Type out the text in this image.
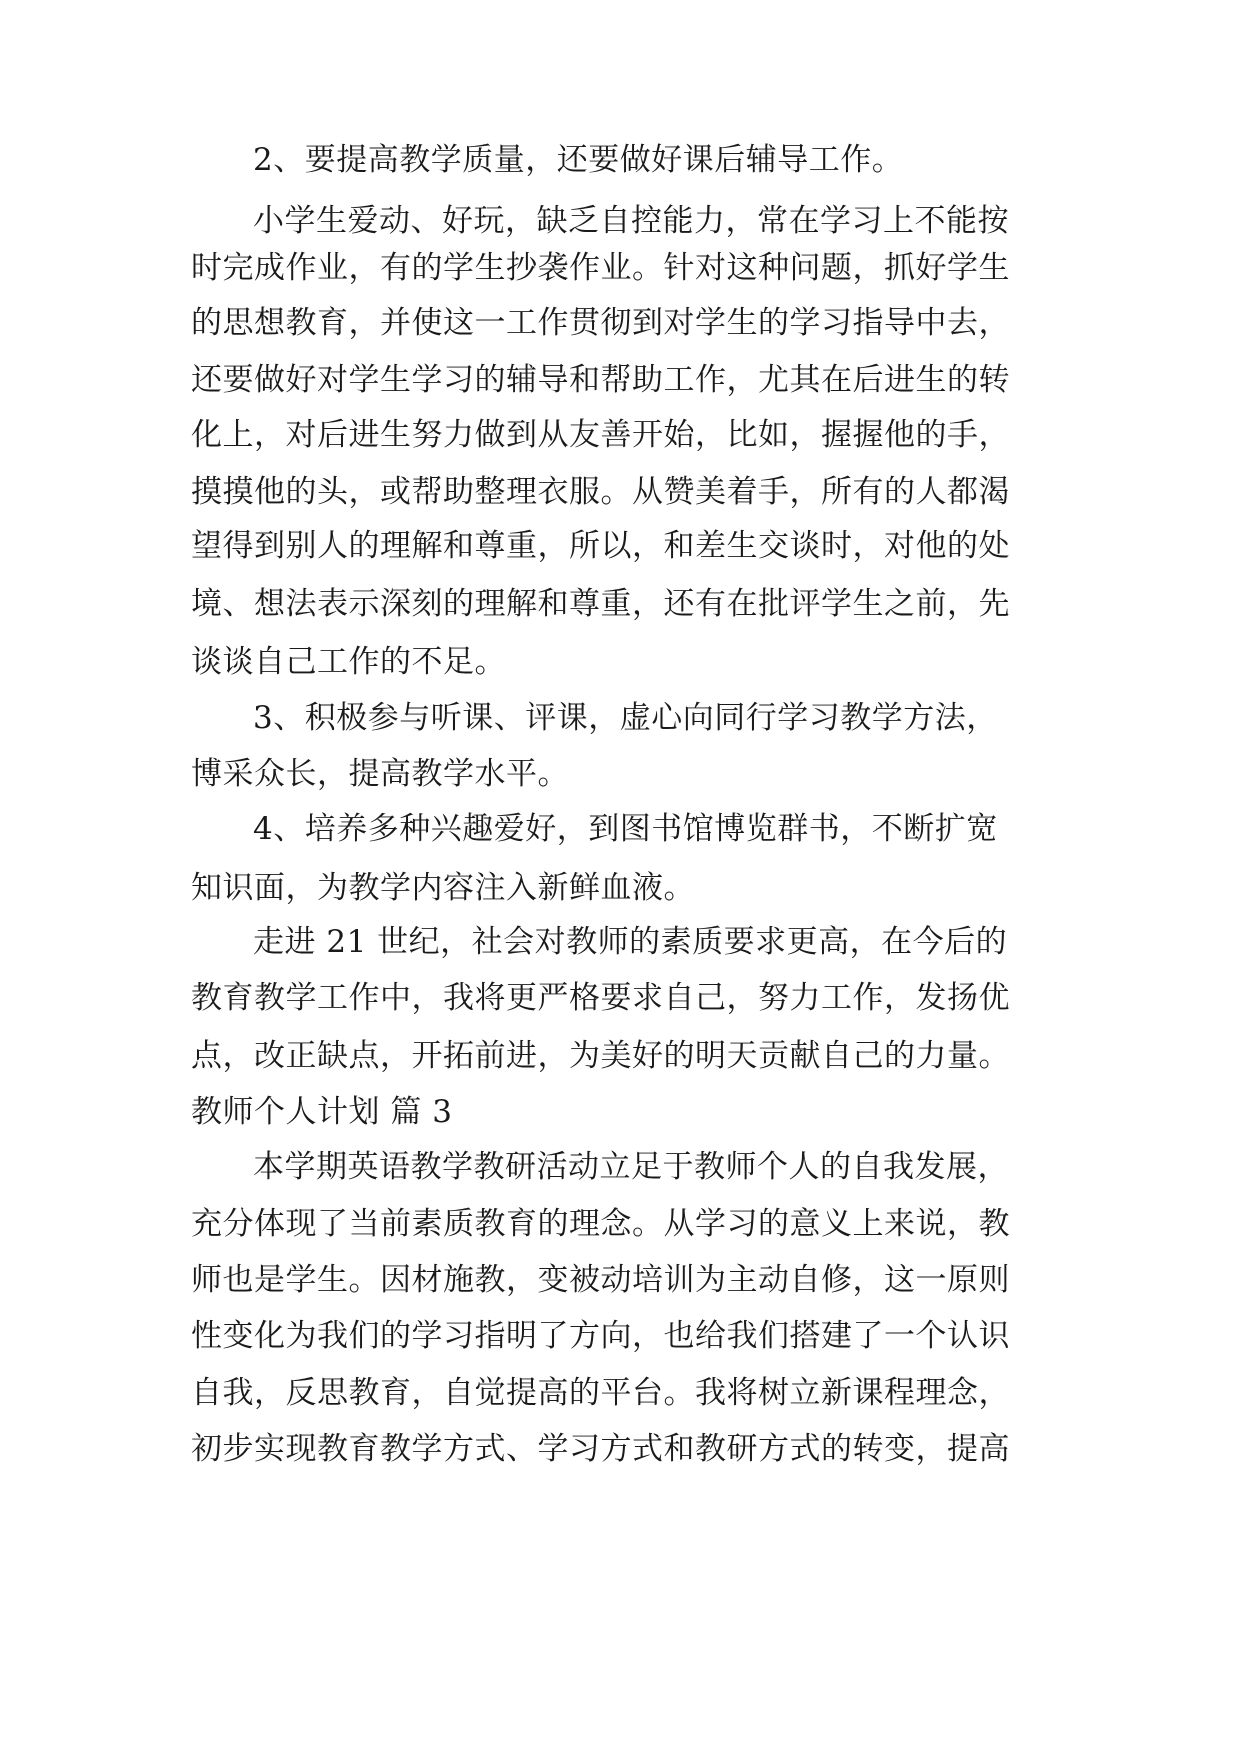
2、要提高教学质量，还要做好课后辅导工作。
小学生爱动、好玩，缺乏自控能力，常在学习上不能按
时完成作业，有的学生抄袭作业。针对这种问题，抓好学生
的思想教育，并使这一工作贯彻到对学生的学习指导中去，
还要做好对学生学习的辅导和帮助工作，尤其在后进生的转
化上，对后进生努力做到从友善开始，比如，握握他的手，
摸摸他的头，或帮助整理衣服。从赞美着手，所有的人都渴
望得到别人的理解和尊重，所以，和差生交谈时，对他的处
境、想法表示深刻的理解和尊重，还有在批评学生之前，先
谈谈自己工作的不足。
3、积极参与听课、评课，虚心向同行学习教学方法，
博采众长，提高教学水平。
4、培养多种兴趣爱好，到图书馆博览群书，不断扩宽
知识面，为教学内容注入新鲜血液。
走进 21 世纪，社会对教师的素质要求更高，在今后的
教育教学工作中，我将更严格要求自己，努力工作，发扬优
点，改正缺点，开拓前进，为美好的明天贡献自己的力量。
教师个人计划 篇 3
本学期英语教学教研活动立足于教师个人的自我发展，
充分体现了当前素质教育的理念。从学习的意义上来说，教
师也是学生。因材施教，变被动培训为主动自修，这一原则
性变化为我们的学习指明了方向，也给我们搭建了一个认识
自我，反思教育，自觉提高的平台。我将树立新课程理念，
初步实现教育教学方式、学习方式和教研方式的转变，提高
